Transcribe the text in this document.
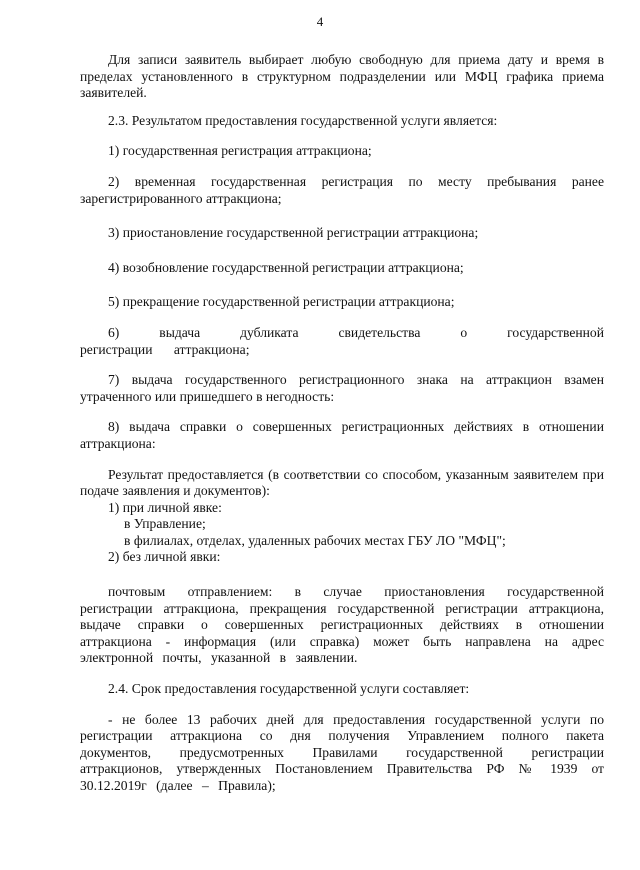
4

Для записи заявитель выбирает любую свободную для приема дату и время в пределах установленного в структурном подразделении или МФЦ графика приема заявителей.

2.3. Результатом предоставления государственной услуги является:

1) государственная регистрация аттракциона;

2) временная государственная регистрация по месту пребывания ранее зарегистрированного аттракциона;

3) приостановление государственной регистрации аттракциона;

4) возобновление государственной регистрации аттракциона;

5) прекращение государственной регистрации аттракциона;

6) выдача дубликата свидетельства о государственной регистрации аттракциона;

7) выдача государственного регистрационного знака на аттракцион взамен утраченного или пришедшего в негодность:

8) выдача справки о совершенных регистрационных действиях в отношении аттракциона:

Результат предоставляется (в соответствии со способом, указанным заявителем при подаче заявления и документов):

1) при личной явке:

в Управление;

в филиалах, отделах, удаленных рабочих местах ГБУ ЛО "МФЦ";

2) без личной явки:

почтовым отправлением: в случае приостановления государственной регистрации аттракциона, прекращения государственной регистрации аттракциона, выдаче справки о совершенных регистрационных действиях в отношении аттракциона - информация (или справка) может быть направлена на адрес электронной почты, указанной в заявлении.

2.4. Срок предоставления государственной услуги составляет:

- не более 13 рабочих дней для предоставления государственной услуги по регистрации аттракциона со дня получения Управлением полного пакета документов, предусмотренных Правилами государственной регистрации аттракционов, утвержденных Постановлением Правительства РФ № 1939 от 30.12.2019г (далее – Правила);
